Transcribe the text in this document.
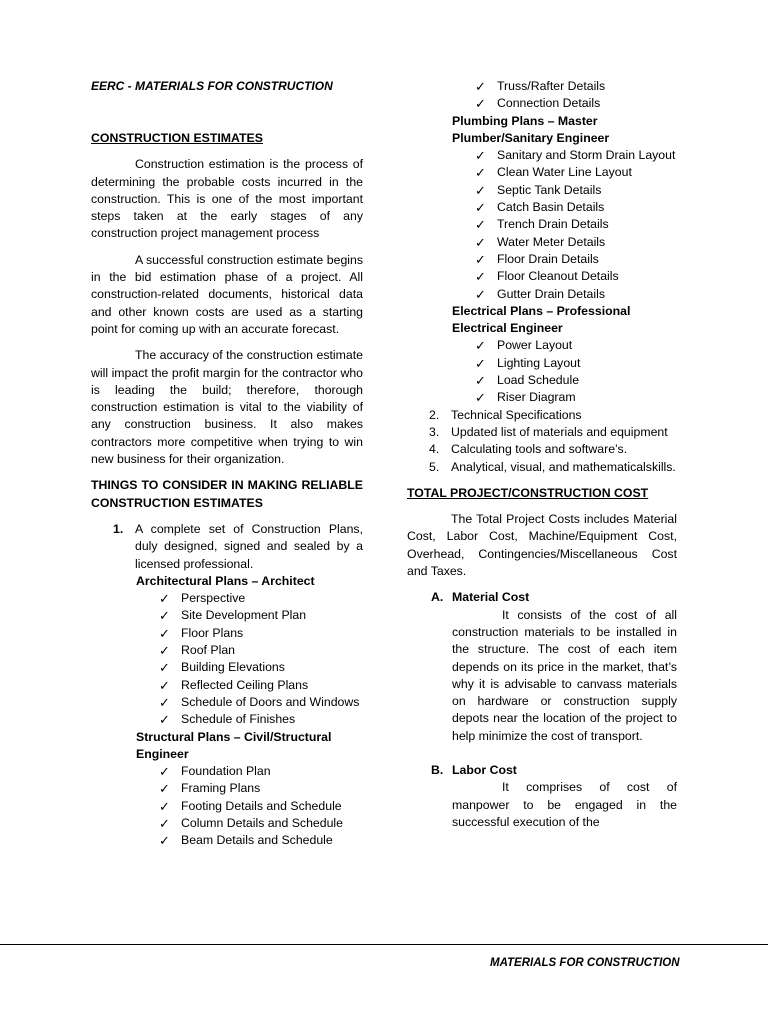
EERC - MATERIALS FOR CONSTRUCTION
CONSTRUCTION ESTIMATES

Construction estimation is the process of determining the probable costs incurred in the construction. This is one of the most important steps taken at the early stages of any construction project management process

A successful construction estimate begins in the bid estimation phase of a project. All construction-related documents, historical data and other known costs are used as a starting point for coming up with an accurate forecast.

The accuracy of the construction estimate will impact the profit margin for the contractor who is leading the build; therefore, thorough construction estimation is vital to the viability of any construction business. It also makes contractors more competitive when trying to win new business for their organization.

THINGS TO CONSIDER IN MAKING RELIABLE CONSTRUCTION ESTIMATES
1. A complete set of Construction Plans, duly designed, signed and sealed by a licensed professional.
Architectural Plans – Architect
✓ Perspective
✓ Site Development Plan
✓ Floor Plans
✓ Roof Plan
✓ Building Elevations
✓ Reflected Ceiling Plans
✓ Schedule of Doors and Windows
✓ Schedule of Finishes
Structural Plans – Civil/Structural Engineer
✓ Foundation Plan
✓ Framing Plans
✓ Footing Details and Schedule
✓ Column Details and Schedule
✓ Beam Details and Schedule
✓ Truss/Rafter Details
✓ Connection Details
Plumbing Plans – Master Plumber/Sanitary Engineer
✓ Sanitary and Storm Drain Layout
✓ Clean Water Line Layout
✓ Septic Tank Details
✓ Catch Basin Details
✓ Trench Drain Details
✓ Water Meter Details
✓ Floor Drain Details
✓ Floor Cleanout Details
✓ Gutter Drain Details
Electrical Plans – Professional Electrical Engineer
✓ Power Layout
✓ Lighting Layout
✓ Load Schedule
✓ Riser Diagram
2. Technical Specifications
3. Updated list of materials and equipment
4. Calculating tools and software’s.
5. Analytical, visual, and mathematicalskills.
TOTAL PROJECT/CONSTRUCTION COST

The Total Project Costs includes Material Cost, Labor Cost, Machine/Equipment Cost, Overhead, Contingencies/Miscellaneous Cost and Taxes.

A. Material Cost
It consists of the cost of all construction materials to be installed in the structure. The cost of each item depends on its price in the market, that’s why it is advisable to canvass materials on hardware or construction supply depots near the location of the project to help minimize the cost of transport.
B. Labor Cost
It comprises of cost of manpower to be engaged in the successful execution of the
MATERIALS FOR CONSTRUCTION
